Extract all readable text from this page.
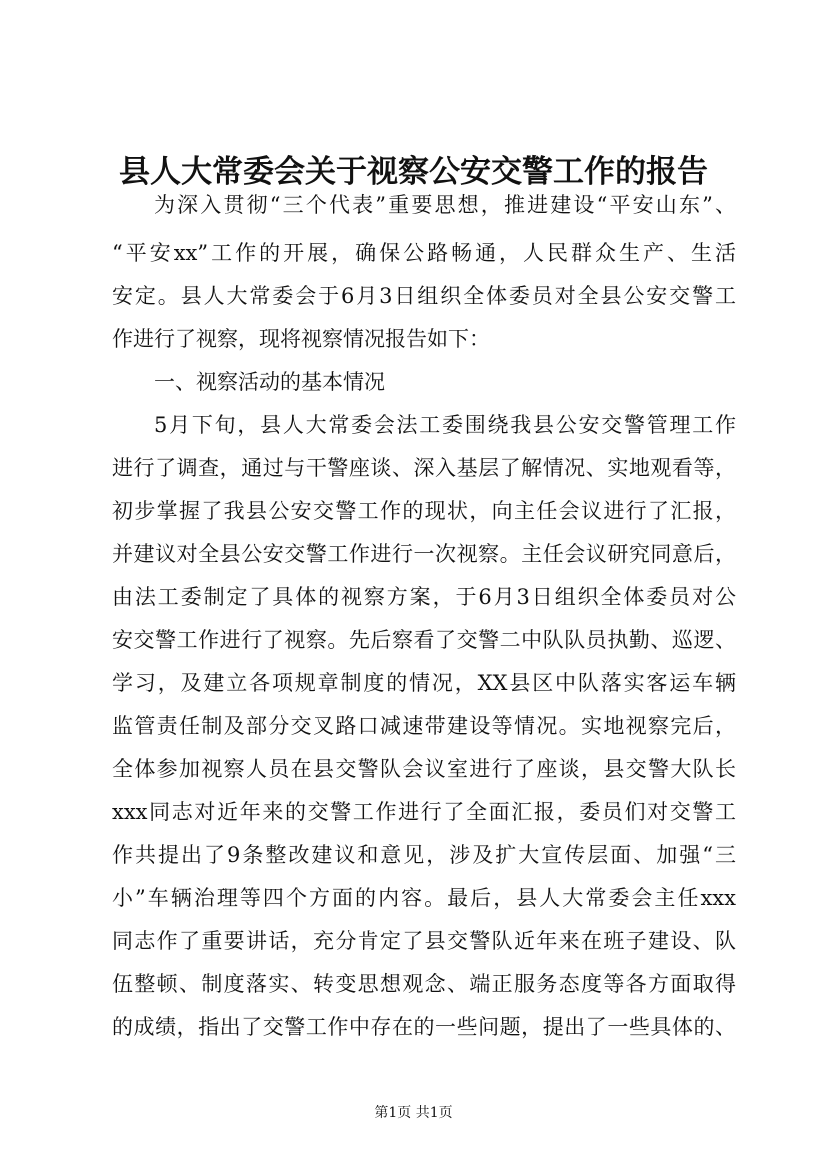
县人大常委会关于视察公安交警工作的报告
为深入贯彻“三个代表”重要思想，推进建设“平安山东”、
“平安xx”工作的开展，确保公路畅通，人民群众生产、生活
安定。县人大常委会于6月3日组织全体委员对全县公安交警工
作进行了视察，现将视察情况报告如下：
一、视察活动的基本情况
5月下旬，县人大常委会法工委围绕我县公安交警管理工作
进行了调查，通过与干警座谈、深入基层了解情况、实地观看等，
初步掌握了我县公安交警工作的现状，向主任会议进行了汇报，
并建议对全县公安交警工作进行一次视察。主任会议研究同意后，
由法工委制定了具体的视察方案，于6月3日组织全体委员对公
安交警工作进行了视察。先后察看了交警二中队队员执勤、巡逻、
学习，及建立各项规章制度的情况，XX县区中队落实客运车辆
监管责任制及部分交叉路口减速带建设等情况。实地视察完后，
全体参加视察人员在县交警队会议室进行了座谈，县交警大队长
xxx同志对近年来的交警工作进行了全面汇报，委员们对交警工
作共提出了9条整改建议和意见，涉及扩大宣传层面、加强“三
小”车辆治理等四个方面的内容。最后，县人大常委会主任xxx
同志作了重要讲话，充分肯定了县交警队近年来在班子建设、队
伍整顿、制度落实、转变思想观念、端正服务态度等各方面取得
的成绩，指出了交警工作中存在的一些问题，提出了一些具体的、
第1页 共1页
